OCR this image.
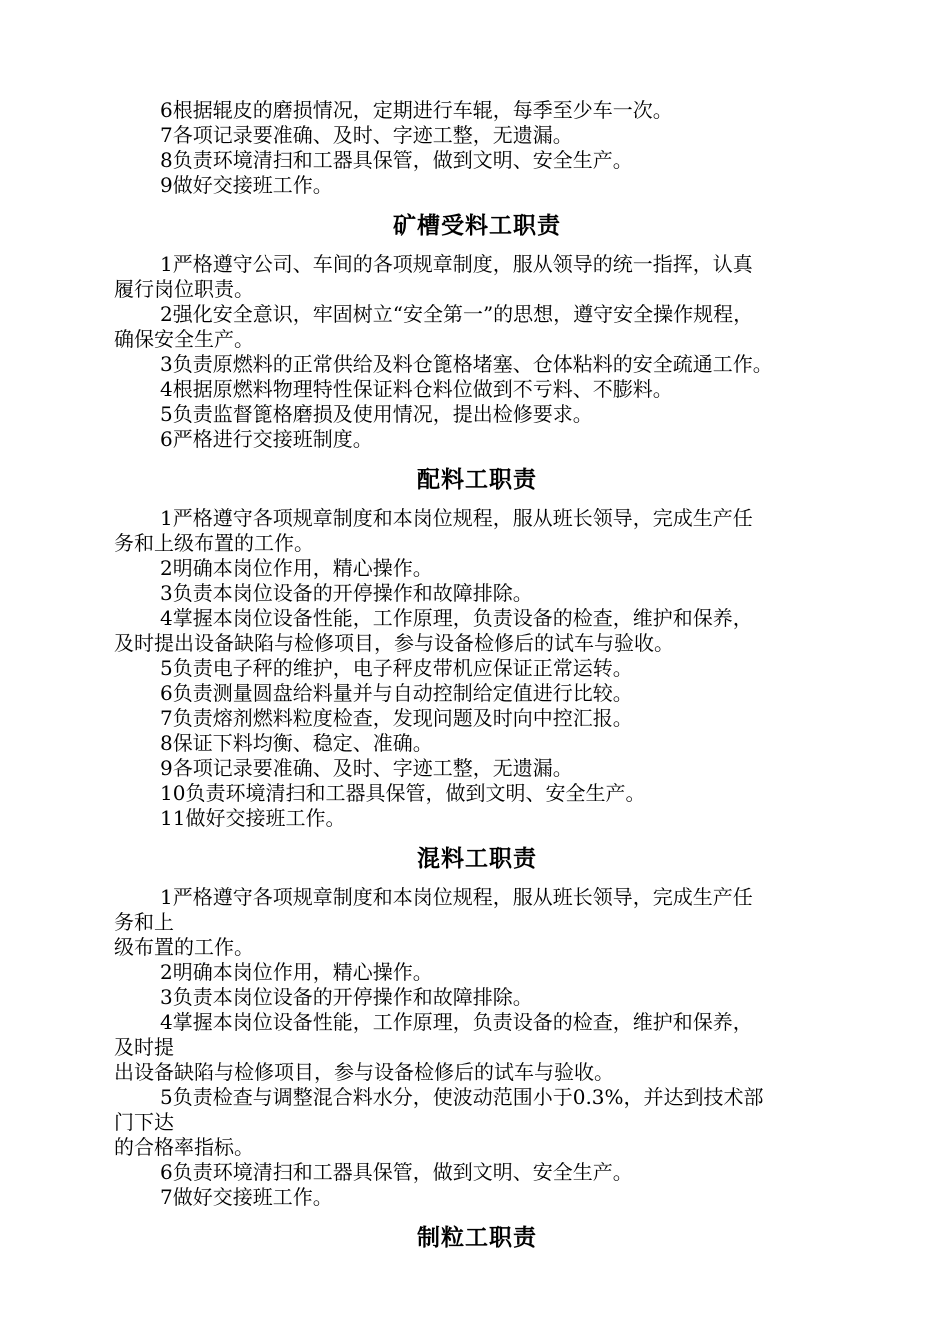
6根据辊皮的磨损情况，定期进行车辊，每季至少车一次。

7各项记录要准确、及时、字迹工整，无遗漏。

8负责环境清扫和工器具保管，做到文明、安全生产。

9做好交接班工作。

矿槽受料工职责

1严格遵守公司、车间的各项规章制度，服从领导的统一指挥，认真

履行岗位职责。

2强化安全意识，牢固树立“安全第一”的思想，遵守安全操作规程，

确保安全生产。

3负责原燃料的正常供给及料仓篦格堵塞、仓体粘料的安全疏通工作。

4根据原燃料物理特性保证料仓料位做到不亏料、不膨料。

5负责监督篦格磨损及使用情况，提出检修要求。

6严格进行交接班制度。

配料工职责

1严格遵守各项规章制度和本岗位规程，服从班长领导，完成生产任

务和上级布置的工作。

2明确本岗位作用，精心操作。

3负责本岗位设备的开停操作和故障排除。

4掌握本岗位设备性能，工作原理，负责设备的检查，维护和保养，

及时提出设备缺陷与检修项目，参与设备检修后的试车与验收。

5负责电子秤的维护，电子秤皮带机应保证正常运转。

6负责测量圆盘给料量并与自动控制给定值进行比较。

7负责熔剂燃料粒度检查，发现问题及时向中控汇报。

8保证下料均衡、稳定、准确。

9各项记录要准确、及时、字迹工整，无遗漏。

10负责环境清扫和工器具保管，做到文明、安全生产。

11做好交接班工作。

混料工职责

1严格遵守各项规章制度和本岗位规程，服从班长领导，完成生产任

务和上

级布置的工作。

2明确本岗位作用，精心操作。

3负责本岗位设备的开停操作和故障排除。

4掌握本岗位设备性能，工作原理，负责设备的检查，维护和保养，

及时提

出设备缺陷与检修项目，参与设备检修后的试车与验收。

5负责检查与调整混合料水分，使波动范围小于0.3%，并达到技术部

门下达

的合格率指标。

6负责环境清扫和工器具保管，做到文明、安全生产。

7做好交接班工作。

制粒工职责
